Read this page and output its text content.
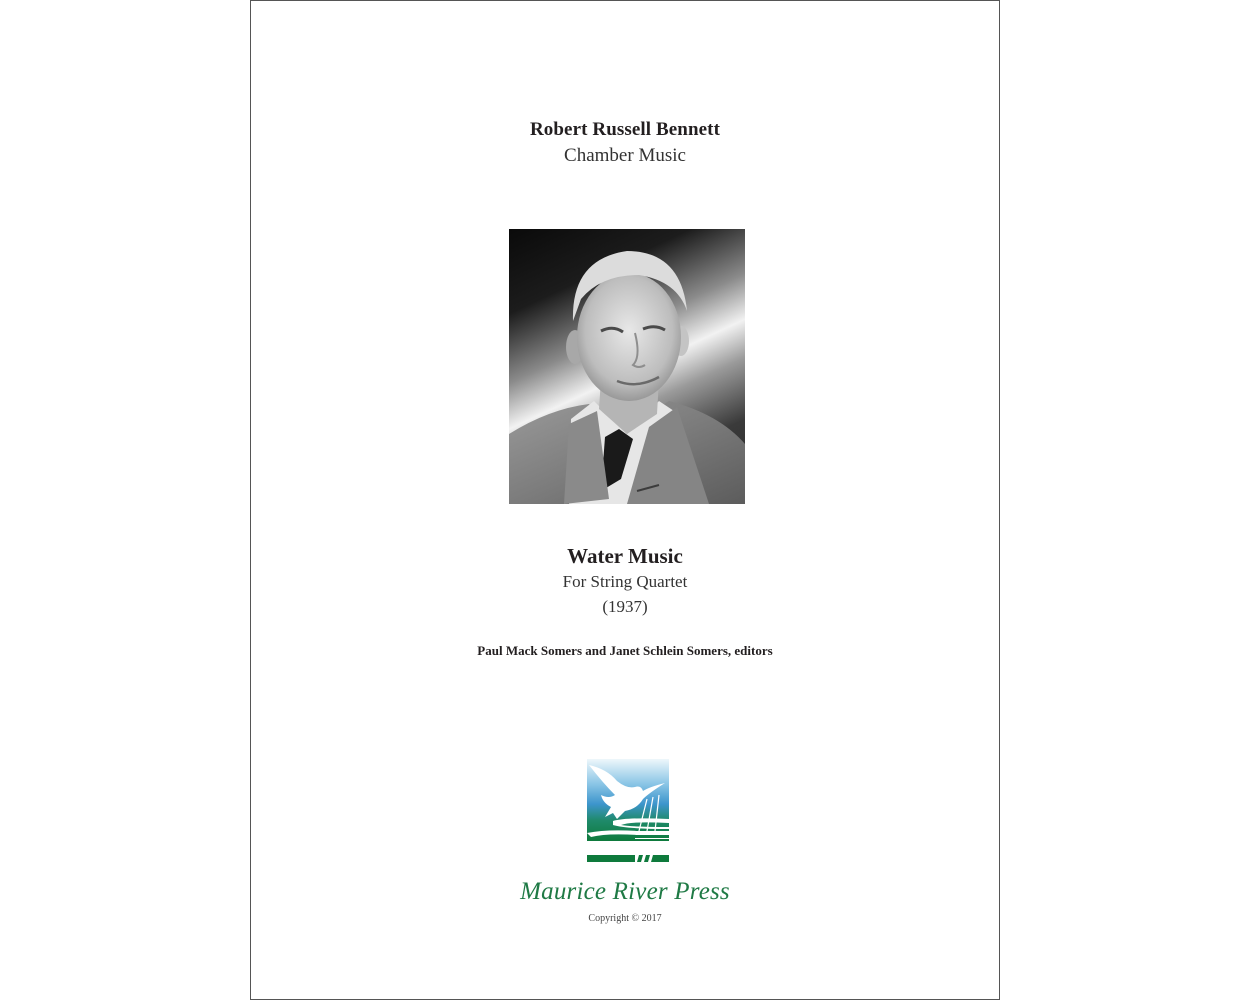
Robert Russell Bennett
Chamber Music
Water Music
For String Quartet
(1937)
Paul Mack Somers and Janet Schlein Somers, editors
Maurice River Press
Copyright © 2017
